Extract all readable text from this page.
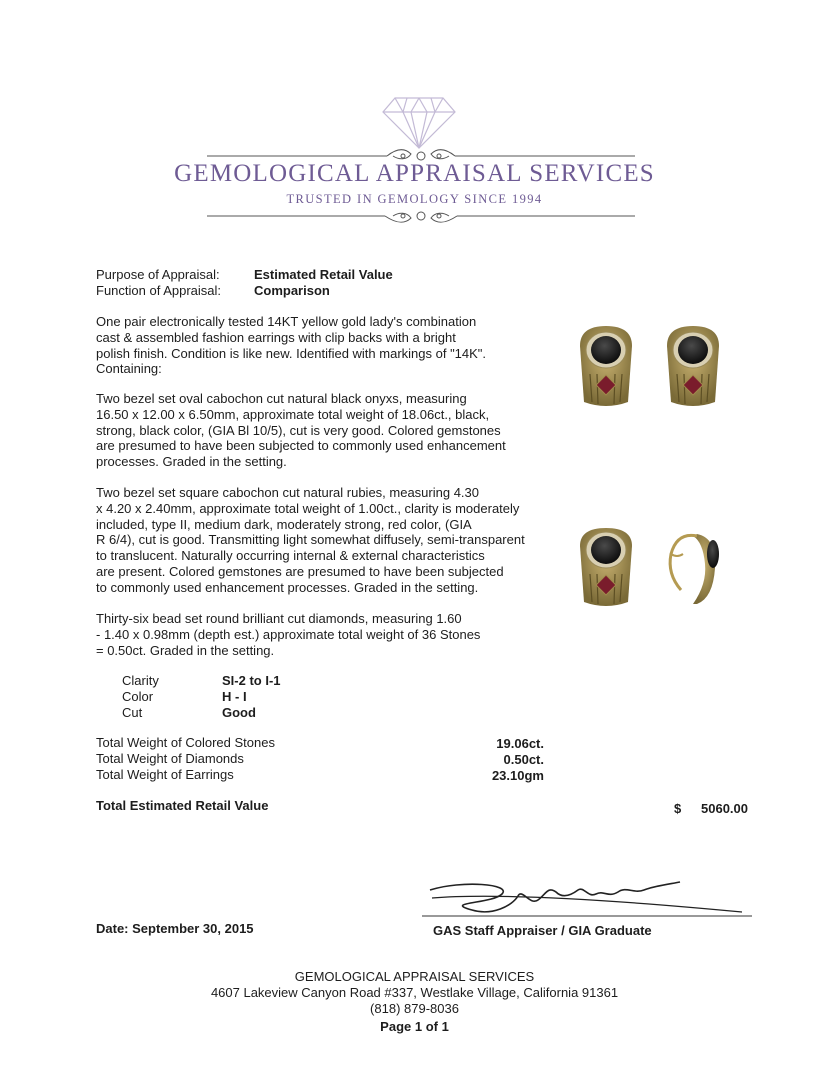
GEMOLOGICAL APPRAISAL SERVICES
TRUSTED IN GEMOLOGY SINCE 1994
Purpose of Appraisal:	Estimated Retail Value
Function of Appraisal:	Comparison
One pair electronically tested 14KT yellow gold lady's combination
cast & assembled fashion earrings with clip backs with a bright
polish finish. Condition is like new. Identified with markings of "14K".
Containing:
Two bezel set oval cabochon cut natural black onyxs, measuring
16.50 x 12.00 x 6.50mm, approximate total weight of 18.06ct., black,
strong, black color, (GIA Bl 10/5), cut is very good. Colored gemstones
are presumed to have been subjected to commonly used enhancement
processes. Graded in the setting.
Two bezel set square cabochon cut natural rubies, measuring 4.30
x 4.20 x 2.40mm, approximate total weight of 1.00ct., clarity is moderately
included, type II, medium dark, moderately strong, red color, (GIA
R 6/4), cut is good. Transmitting light somewhat diffusely, semi-transparent
to translucent. Naturally occurring internal & external characteristics
are present. Colored gemstones are presumed to have been subjected
to commonly used enhancement processes. Graded in the setting.
Thirty-six bead set round brilliant cut diamonds, measuring 1.60
- 1.40 x 0.98mm (depth est.) approximate total weight of 36 Stones
= 0.50ct. Graded in the setting.
Clarity	SI-2 to I-1
Color	H - I
Cut	Good
Total Weight of Colored Stones	19.06ct.
Total Weight of Diamonds	0.50ct.
Total Weight of Earrings	23.10gm
Total Estimated Retail Value	$	5060.00
Date: September 30, 2015	GAS Staff Appraiser / GIA Graduate
GEMOLOGICAL APPRAISAL SERVICES
4607 Lakeview Canyon Road #337, Westlake Village, California 91361
(818) 879-8036
Page 1 of 1
